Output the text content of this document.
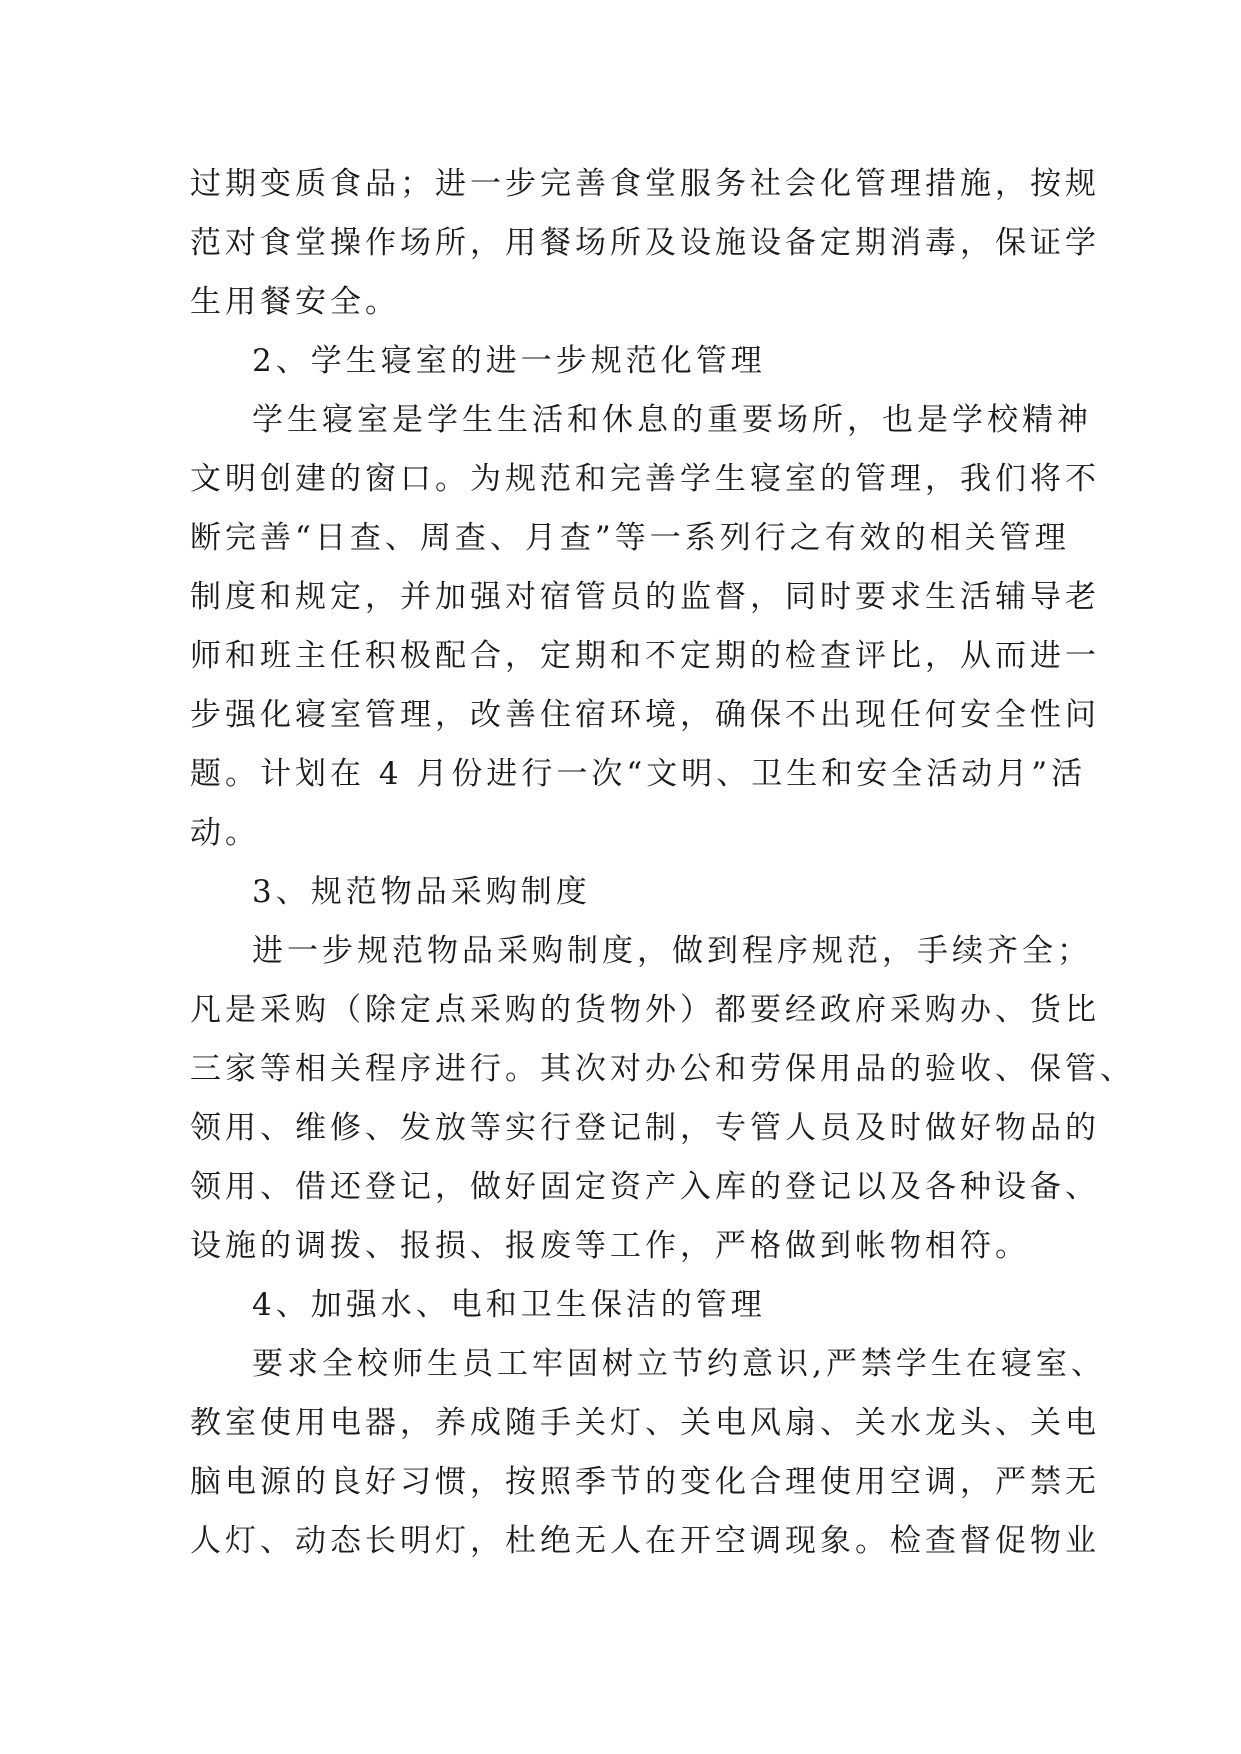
过期变质食品；进一步完善食堂服务社会化管理措施，按规
范对食堂操作场所，用餐场所及设施设备定期消毒，保证学
生用餐安全。
2、学生寝室的进一步规范化管理
学生寝室是学生生活和休息的重要场所，也是学校精神
文明创建的窗口。为规范和完善学生寝室的管理，我们将不
断完善“日查、周查、月查”等一系列行之有效的相关管理
制度和规定，并加强对宿管员的监督，同时要求生活辅导老
师和班主任积极配合，定期和不定期的检查评比，从而进一
步强化寝室管理，改善住宿环境，确保不出现任何安全性问
题。计划在 4 月份进行一次“文明、卫生和安全活动月”活
动。
3、规范物品采购制度
进一步规范物品采购制度，做到程序规范，手续齐全；
凡是采购（除定点采购的货物外）都要经政府采购办、货比
三家等相关程序进行。其次对办公和劳保用品的验收、保管、
领用、维修、发放等实行登记制，专管人员及时做好物品的
领用、借还登记，做好固定资产入库的登记以及各种设备、
设施的调拨、报损、报废等工作，严格做到帐物相符。
4、加强水、电和卫生保洁的管理
要求全校师生员工牢固树立节约意识,严禁学生在寝室、
教室使用电器，养成随手关灯、关电风扇、关水龙头、关电
脑电源的良好习惯，按照季节的变化合理使用空调，严禁无
人灯、动态长明灯，杜绝无人在开空调现象。检查督促物业
